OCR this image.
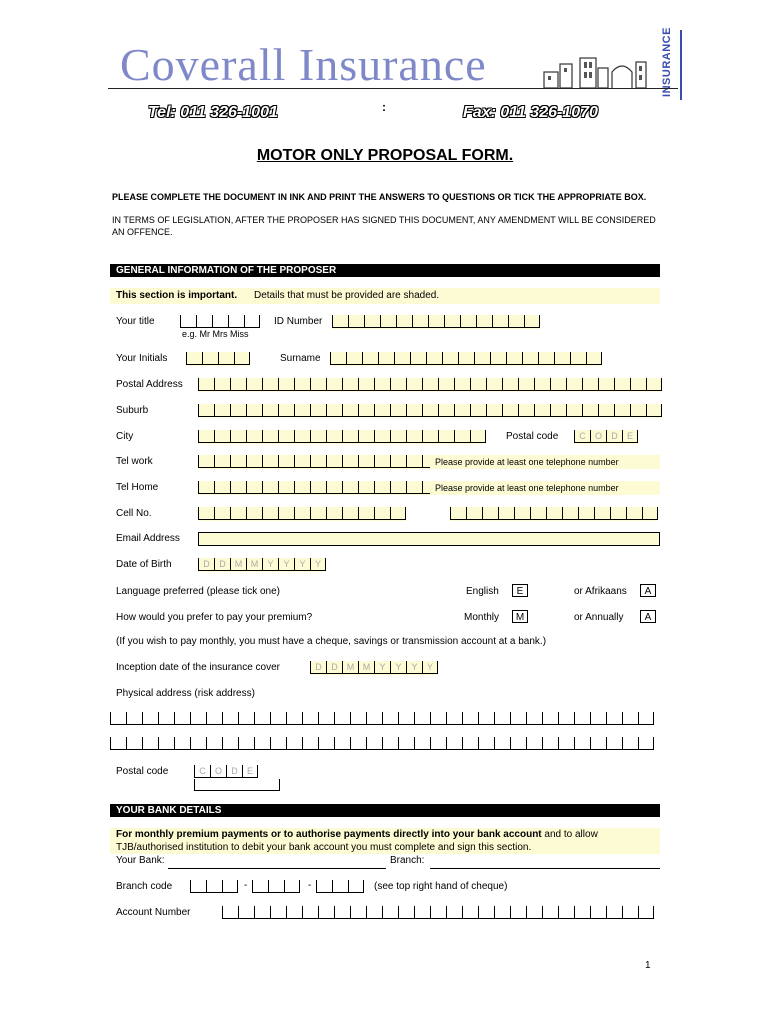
Coverall Insurance	INSURANCE
Tel: 011 326-1001	:	Fax: 011 326-1070
MOTOR ONLY PROPOSAL FORM.
PLEASE COMPLETE THE DOCUMENT IN INK AND PRINT THE ANSWERS TO QUESTIONS OR TICK THE APPROPRIATE BOX.
IN TERMS OF LEGISLATION, AFTER THE PROPOSER HAS SIGNED THIS DOCUMENT, ANY AMENDMENT WILL BE CONSIDERED AN OFFENCE.
GENERAL INFORMATION OF THE PROPOSER
This section is important. Details that must be provided are shaded.
Your title
e.g. Mr Mrs Miss
ID Number
Your Initials	Surname
Postal Address
Suburb
City	Postal code	C	O	D	E
Tel work	Please provide at least one telephone number
Tel Home	Please provide at least one telephone number
Cell No.
Email Address
Date of Birth	D	D	M M	Y	Y	Y	Y
Language preferred (please tick one)	English	E	or Afrikaans	A
How would you prefer to pay your premium?	Monthly	M	or Annually	A
(If you wish to pay monthly, you must have a cheque, savings or transmission account at a bank.)
Inception date of the insurance cover	D	D	M M	Y	Y	Y	Y
Physical address (risk address)
Postal code	C	O	D	E
YOUR BANK DETAILS
For monthly premium payments or to authorise payments directly into your bank account and to allow TJB/authorised institution to debit your bank account you must complete and sign this section.
Your Bank:	Branch:
Branch code	-	-	(see top right hand of cheque)
Account Number
1
